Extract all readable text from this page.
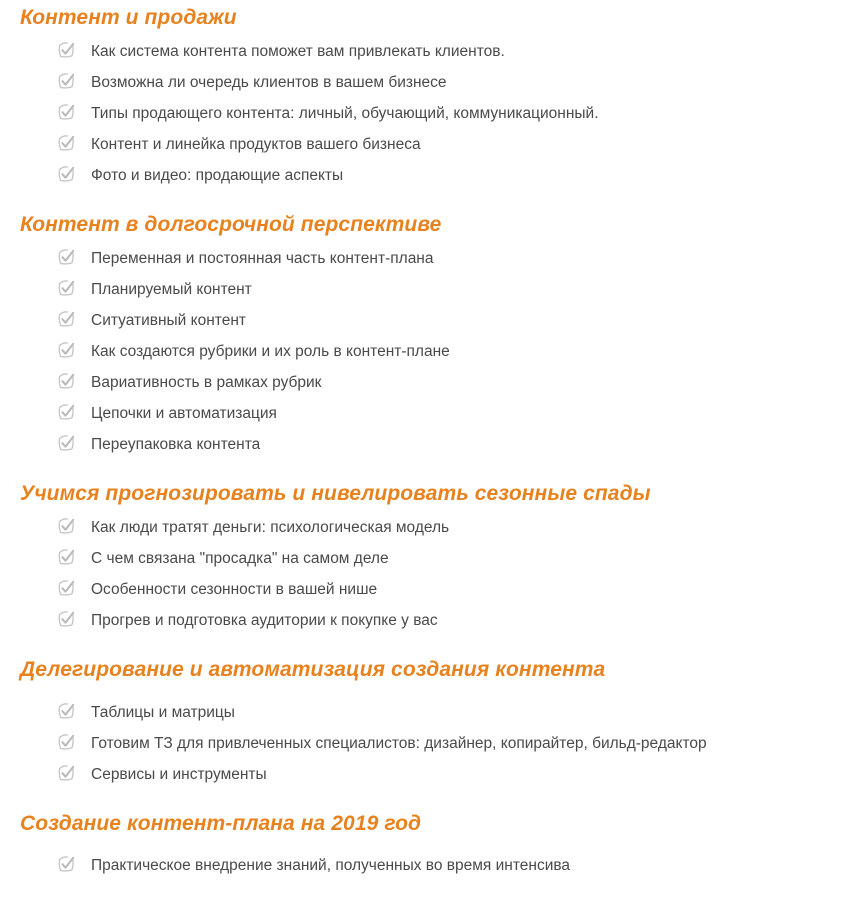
Контент и продажи
Как система контента поможет вам привлекать клиентов.
Возможна ли очередь клиентов в вашем бизнесе
Типы продающего контента: личный, обучающий, коммуникационный.
Контент и линейка продуктов вашего бизнеса
Фото и видео: продающие аспекты
Контент в долгосрочной перспективе
Переменная и постоянная часть контент-плана
Планируемый контент
Ситуативный контент
Как создаются рубрики и их роль в контент-плане
Вариативность в рамках рубрик
Цепочки и автоматизация
Переупаковка контента
Учимся прогнозировать и нивелировать сезонные спады
Как люди тратят деньги: психологическая модель
С чем связана "просадка" на самом деле
Особенности сезонности в вашей нише
Прогрев и подготовка аудитории к покупке у вас
Делегирование и автоматизация создания контента
Таблицы и матрицы
Готовим ТЗ для привлеченных специалистов: дизайнер, копирайтер, бильд-редактор
Сервисы и инструменты
Создание контент-плана на 2019 год
Практическое внедрение знаний, полученных во время интенсива
